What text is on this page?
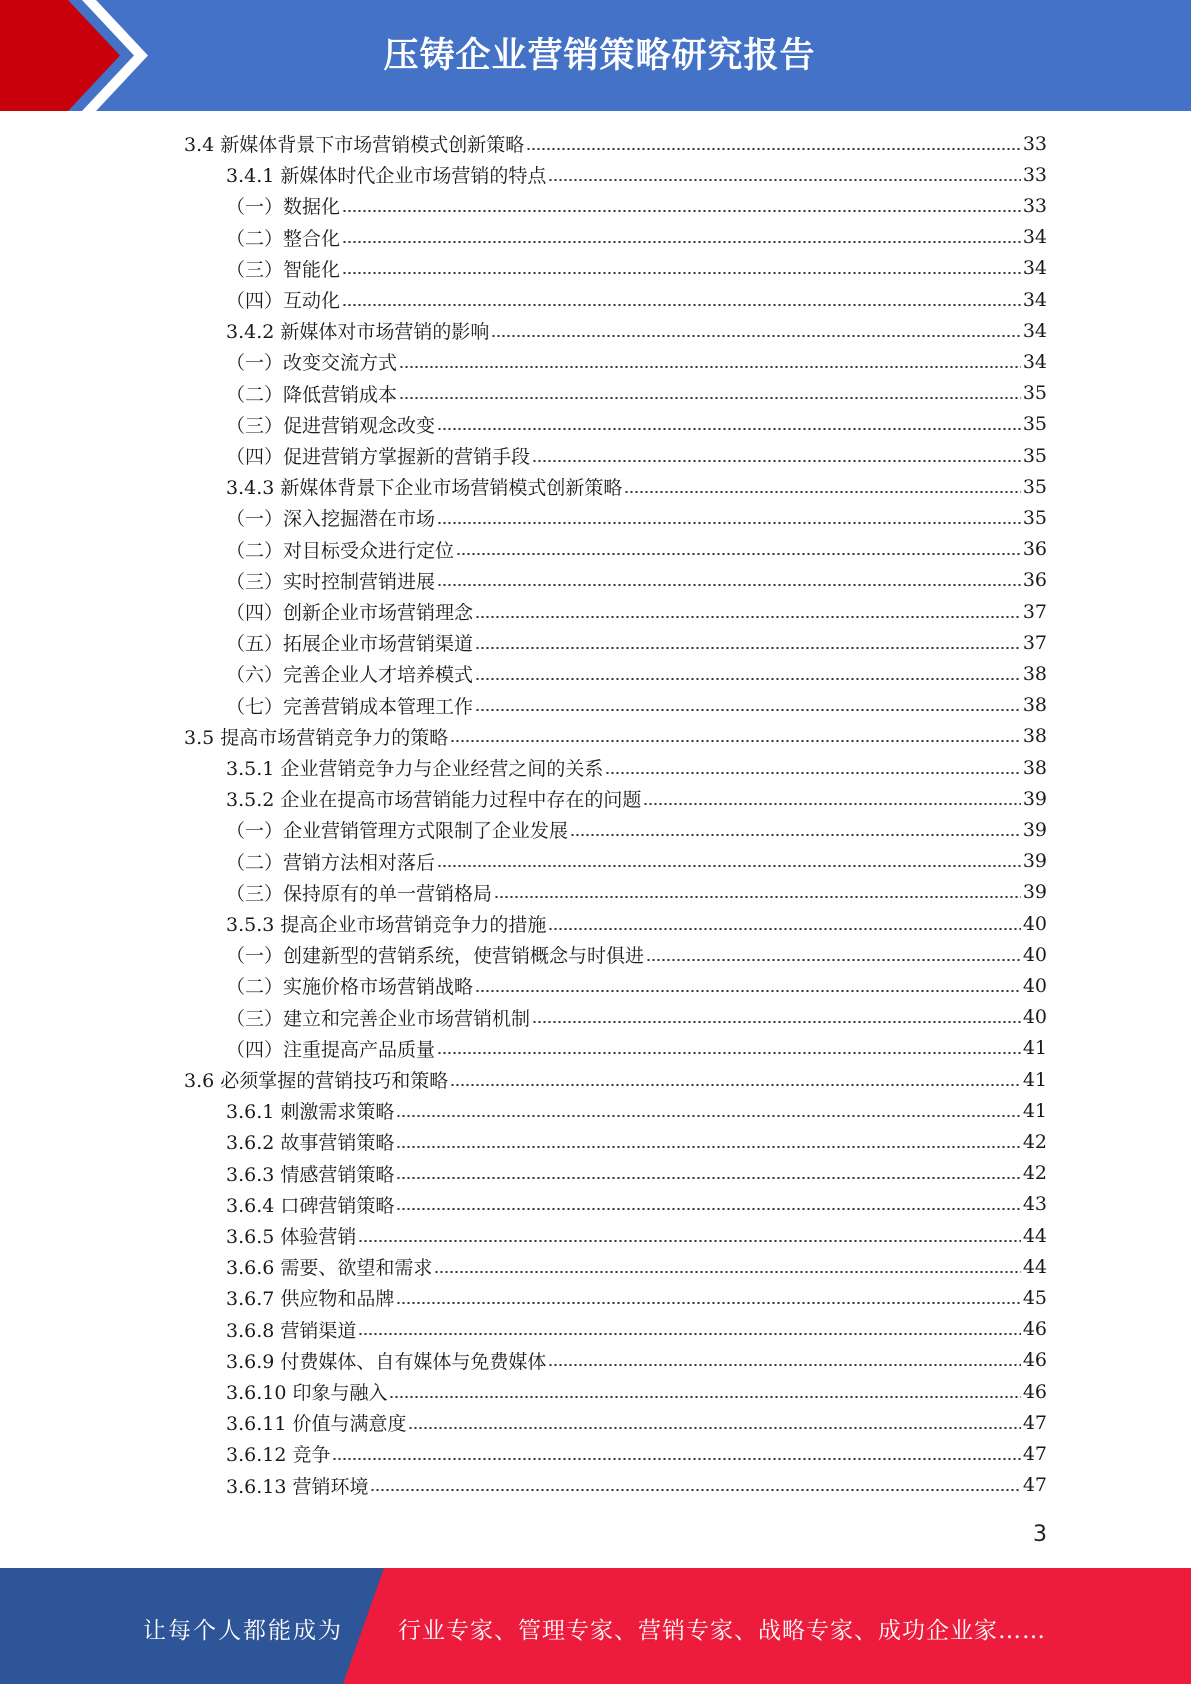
压铸企业营销策略研究报告
3.4 新媒体背景下市场营销模式创新策略	33
3.4.1 新媒体时代企业市场营销的特点	33
（一）数据化	33
（二）整合化	34
（三）智能化	34
（四）互动化	34
3.4.2 新媒体对市场营销的影响	34
（一）改变交流方式	34
（二）降低营销成本	35
（三）促进营销观念改变	35
（四）促进营销方掌握新的营销手段	35
3.4.3 新媒体背景下企业市场营销模式创新策略	35
（一）深入挖掘潜在市场	35
（二）对目标受众进行定位	36
（三）实时控制营销进展	36
（四）创新企业市场营销理念	37
（五）拓展企业市场营销渠道	37
（六）完善企业人才培养模式	38
（七）完善营销成本管理工作	38
3.5 提高市场营销竞争力的策略	38
3.5.1 企业营销竞争力与企业经营之间的关系	38
3.5.2 企业在提高市场营销能力过程中存在的问题	39
（一）企业营销管理方式限制了企业发展	39
（二）营销方法相对落后	39
（三）保持原有的单一营销格局	39
3.5.3 提高企业市场营销竞争力的措施	40
（一）创建新型的营销系统，使营销概念与时俱进	40
（二）实施价格市场营销战略	40
（三）建立和完善企业市场营销机制	40
（四）注重提高产品质量	41
3.6 必须掌握的营销技巧和策略	41
3.6.1 刺激需求策略	41
3.6.2 故事营销策略	42
3.6.3 情感营销策略	42
3.6.4 口碑营销策略	43
3.6.5 体验营销	44
3.6.6 需要、欲望和需求	44
3.6.7 供应物和品牌	45
3.6.8 营销渠道	46
3.6.9 付费媒体、自有媒体与免费媒体	46
3.6.10 印象与融入	46
3.6.11 价值与满意度	47
3.6.12 竞争	47
3.6.13 营销环境	47
3
让每个人都能成为 行业专家、管理专家、营销专家、战略专家、成功企业家……
